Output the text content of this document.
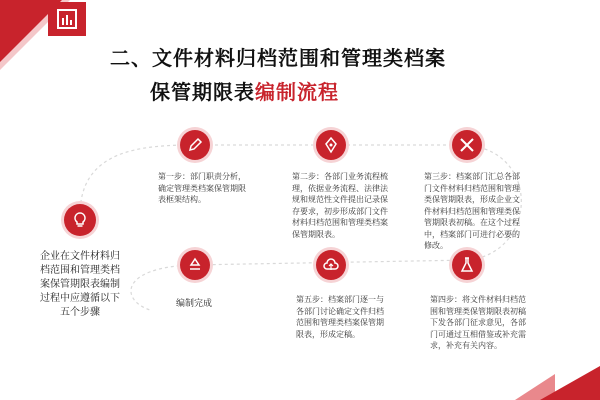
二、文件材料归档范围和管理类档案
保管期限表编制流程
企业在文件材料归档范围和管理类档案保管期限表编制过程中应遵循以下五个步骤
第一步：部门职责分析，确定管理类档案保管期限表框架结构。
第二步：各部门业务流程梳理，依据业务流程、法律法规和规范性文件提出记录保存要求，初步形成部门文件材料归档范围和管理类档案保管期限表。
第三步：档案部门汇总各部门文件材料归档范围和管理类保管期限表，形成企业文件材料归档范围和管理类保管期限表初稿。在这个过程中，档案部门可进行必要的修改。
编制完成	第五步：档案部门逐一与各部门讨论确定文件归档范围和管理类档案保管期限表，形成定稿。
第四步：将文件材料归档范围和管理类保管期限表初稿下发各部门征求意见，各部门可通过互相借鉴或补充需求，补充有关内容。
